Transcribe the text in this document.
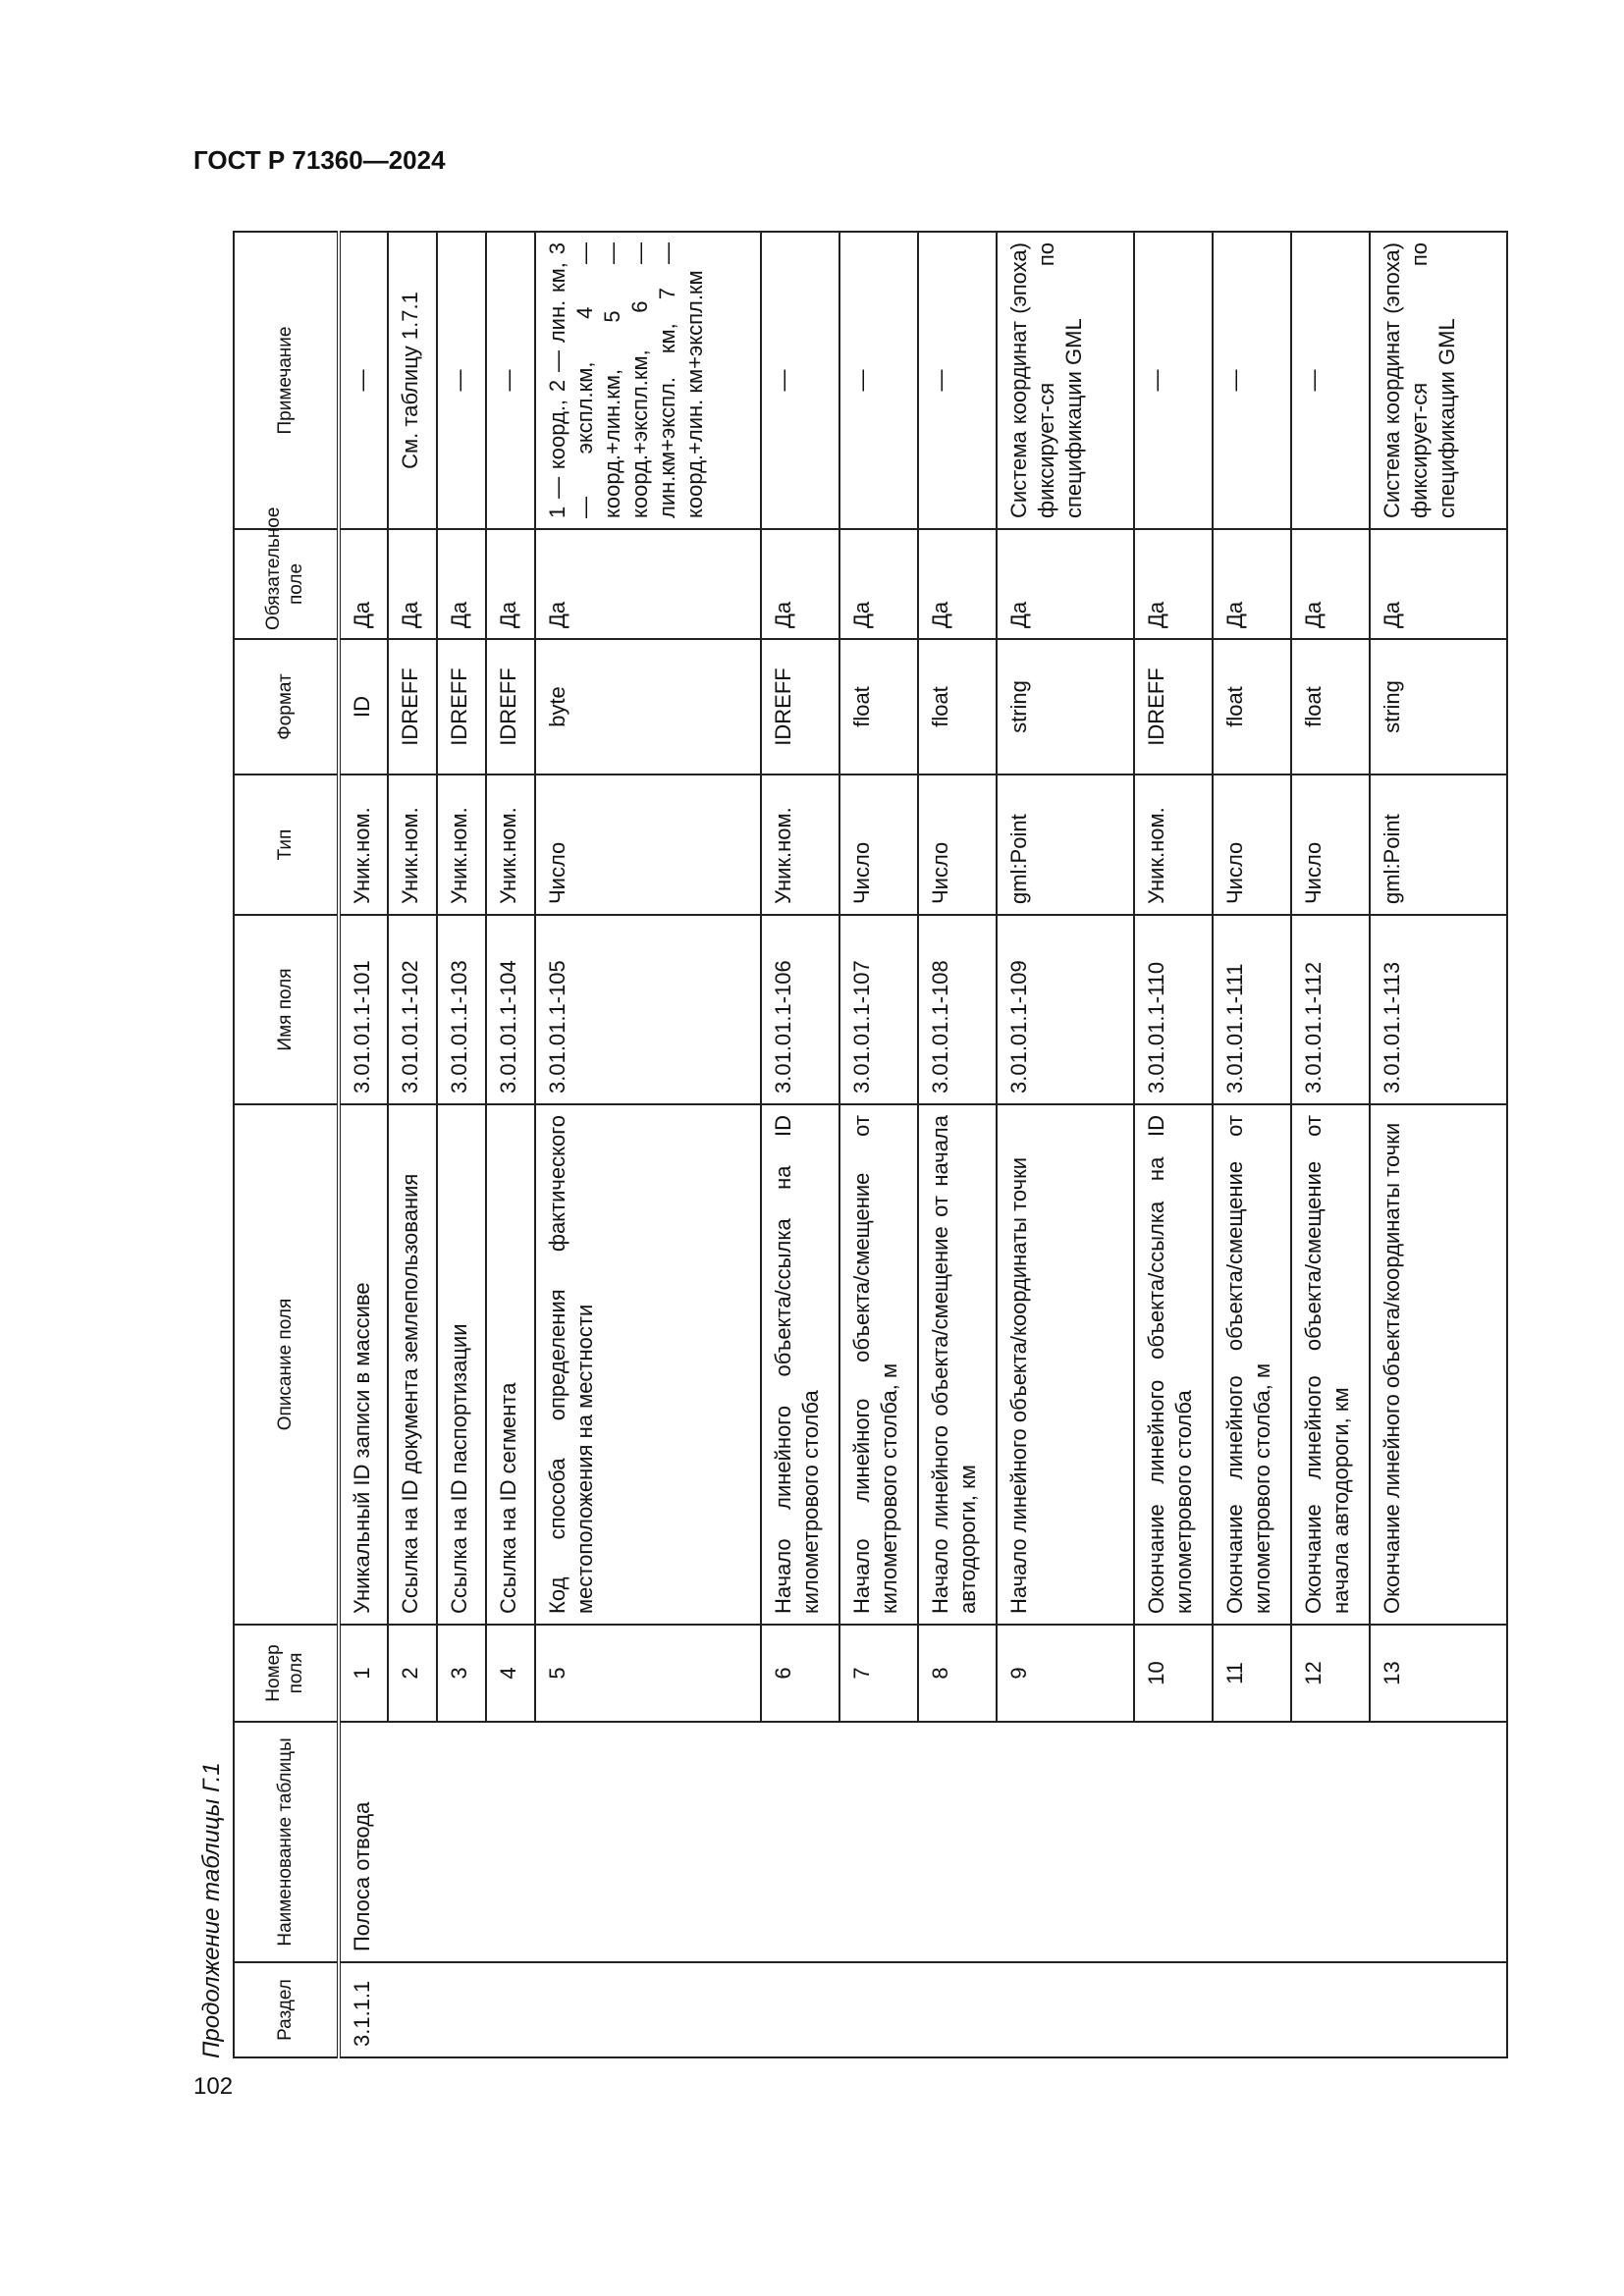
ГОСТ Р 71360—2024
102
Продолжение таблицы Г.1	Раздел	Наименование таблицы	Номер поля	Описание поля	Имя поля	Тип	Формат	Обязательное поле	Примечание
3.1.1.1	Полоса отвода	1	Уникальный ID записи в массиве	3.01.01.1-101	Уник.ном.	ID	Да	—
		2	Ссылка на ID документа землепользования	3.01.01.1-102	Уник.ном.	IDREFF	Да	См. таблицу 1.7.1
		3	Ссылка на ID паспортизации	3.01.01.1-103	Уник.ном.	IDREFF	Да	—
		4	Ссылка на ID сегмента	3.01.01.1-104	Уник.ном.	IDREFF	Да	—
		5	Код способа определения фактического местоположения на местности	3.01.01.1-105	Число	byte	Да	1 — коорд., 2 — лин. км, 3 — экспл.км, 4 — коорд.+лин.км, 5 — коорд.+экспл.км, 6 — лин.км+экспл. км, 7 — коорд.+лин. км+экспл.км
		6	Начало линейного объекта/ссылка на ID километрового столба	3.01.01.1-106	Уник.ном.	IDREFF	Да	—
		7	Начало линейного объекта/смещение от километрового столба, м	3.01.01.1-107	Число	float	Да	—
		8	Начало линейного объекта/смещение от начала автодороги, км	3.01.01.1-108	Число	float	Да	—
		9	Начало линейного объекта/координаты точки	3.01.01.1-109	gml:Point	string	Да	Система координат (эпоха) фиксирует-ся по спецификации GML
		10	Окончание линейного объекта/ссылка на ID километрового столба	3.01.01.1-110	Уник.ном.	IDREFF	Да	—
		11	Окончание линейного объекта/смещение от километрового столба, м	3.01.01.1-111	Число	float	Да	—
		12	Окончание линейного объекта/смещение от начала автодороги, км	3.01.01.1-112	Число	float	Да	—
		13	Окончание линейного объекта/координаты точки	3.01.01.1-113	gml:Point	string	Да	Система координат (эпоха) фиксирует-ся по спецификации GML
